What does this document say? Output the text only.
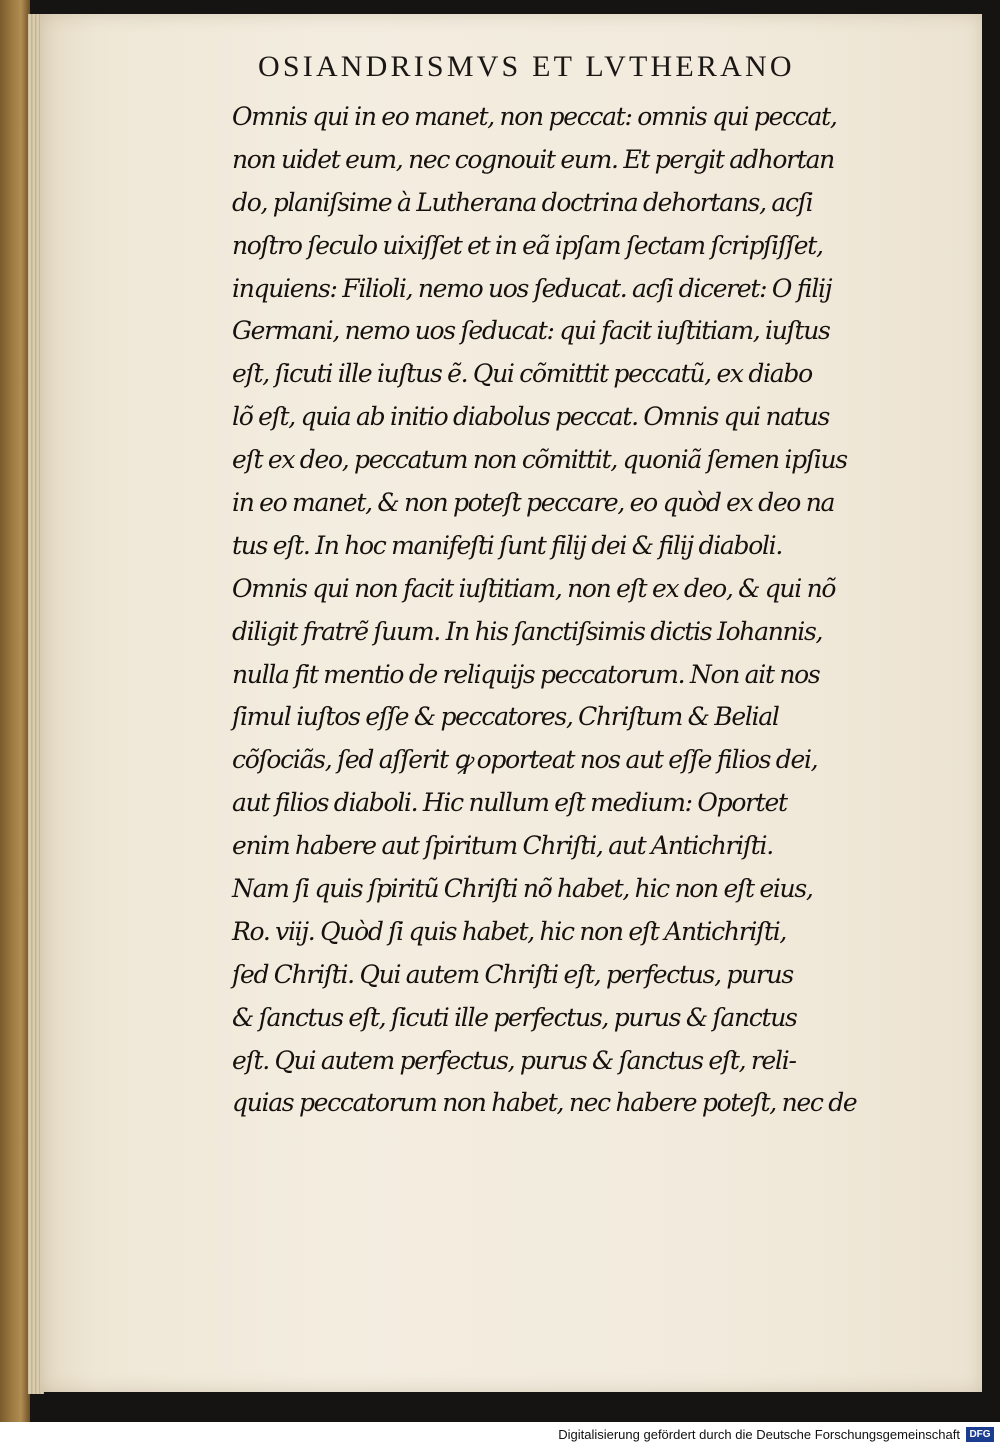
OSIANDRISMVS ET LVTHERANO
Omnis qui in eo manet, non peccat: omnis qui peccat,
non uidet eum, nec cognouit eum. Et pergit adhortan
do, planiſsime à Lutherana doctrina dehortans, acſi
noſtro ſeculo uixiſſet et in eã ipſam ſectam ſcripſiſſet,
inquiens: Filioli, nemo uos ſeducat. acſi diceret: O filij
Germani, nemo uos ſeducat: qui facit iuſtitiam, iuſtus
eſt, ſicuti ille iuſtus ẽ. Qui cõmittit peccatũ, ex diabo
lõ eſt, quia ab initio diabolus peccat. Omnis qui natus
eſt ex deo, peccatum non cõmittit, quoniã ſemen ipſius
in eo manet, & non poteſt peccare, eo quòd ex deo na
tus eſt. In hoc manifeſti ſunt filij dei & filij diaboli.
Omnis qui non facit iuſtitiam, non eſt ex deo, & qui nõ
diligit fratrẽ ſuum. In his ſanctiſsimis dictis Iohannis,
nulla fit mentio de reliquijs peccatorum. Non ait nos
ſimul iuſtos eſſe & peccatores, Chriſtum & Belial
cõſociãs, ſed aſſerit ꝙ oporteat nos aut eſſe filios dei,
aut filios diaboli. Hic nullum eſt medium: Oportet
enim habere aut ſpiritum Chriſti, aut Antichriſti.
Nam ſi quis ſpiritũ Chriſti nõ habet, hic non eſt eius,
Ro. viij. Quòd ſi quis habet, hic non eſt Antichriſti,
ſed Chriſti. Qui autem Chriſti eſt, perfectus, purus
& ſanctus eſt, ſicuti ille perfectus, purus & ſanctus
eſt. Qui autem perfectus, purus & ſanctus eſt, reli-
quias peccatorum non habet, nec habere poteſt, nec de
Digitalisierung gefördert durch die Deutsche Forschungsgemeinschaft DFG
